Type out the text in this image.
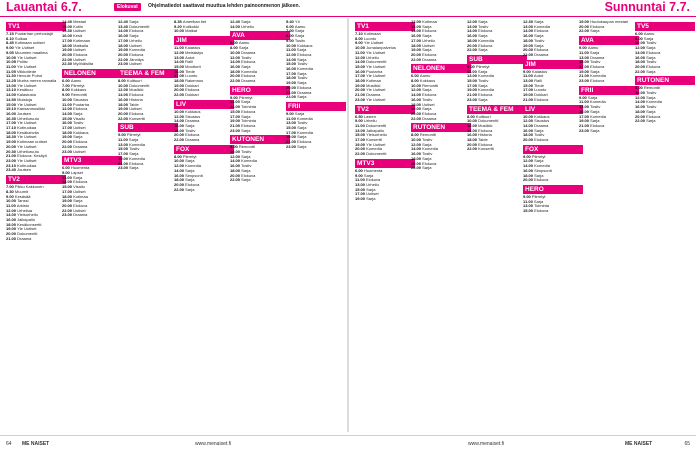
Lauantai 6.7.	Elokuvat	Ohjelmatiedot saattavat muuttua lehden painoonmenon jälkeen.	Sunnuntai 7.7.
TV1
7.15 Puutarhan perhoslajit
8.10 Sulkaa
8.45 Kotimaan uutiset
9.00 Yle Uutiset
9.05 Muumien maailma
10.00 Yle Uutiset
10.05 Poliisi
11.00 Yle Uutiset
11.05 Viikkotiede
11.30 Hercule Poirot
12.25 Murha meren rannalla
13.00 Yle Uutiset
13.10 Kesäkuu
14.00 Kalastusta
14.50 Muistoja
15.00 Yle Uutiset
15.10 Kansanmusiikki
16.00 Joutsen
16.30 Urheiluruutu
17.00 Yle Uutiset
17.10 Kotiruokaa
18.00 Kesäkahvila
18.30 Yle Uutiset
19.00 Kotimaan uutiset
20.00 Yle Uutiset
20.30 Urheiluruutu
21.00 Elokuva: Kesäyö
23.00 Yle Uutiset
23.10 Kotiruokaa
23.40 Joutsen
TV2
7.00 Pikku Kakkonen
8.30 Muumit
9.00 Kesäsää
10.00 Tanssi
11.00 Arkisto
12.00 Urheilua
14.00 Yleisurheilu
16.00 Jalkapallo
18.00 Kesäkonsertti
19.00 Yle Uutiset
20.00 Dokumentti
21.00 Draama
14.40 Mestari
15.00 Kotiin
15.30 Uutiset
16.00 Kesä
17.00 Kotimaan
18.00 Matkalla
19.00 Uutiset
20.00 Elokuva
22.00 Uutiset
22.30 Myöhäisilta
NELONEN
6.00 Aamu
7.00 Piirretyt
8.00 Kokkaus
9.00 Remontti
10.00 Sisustus
11.00 Puutarha
12.00 Elokuva
14.00 Sarja
15.00 Visailu
16.00 Tositv
17.00 Uutiset
18.00 Kokkaus
19.00 Sarja
20.00 Elokuva
22.00 Draama
23.00 Uutiset
MTV3
6.00 Huomenta
9.00 Lapset
11.00 Sarja
13.00 Elokuva
15.00 Visailu
17.00 Uutiset
18.00 Kotimaa
19.00 Sarja
20.00 Elokuva
22.00 Uutiset
23.00 Draama
12.40 Sarja
13.40 Dokumentti
14.00 Elokuva
16.00 Sarja
17.00 Urheilu
18.00 Uutiset
19.00 Komedia
20.00 Elokuva
22.00 Jännitys
23.00 Uutiset
TEEMA & FEM
8.00 Kulttuuri
10.00 Dokumentti
12.00 Musiikki
14.00 Elokuva
16.00 Historia
18.00 Taide
19.00 Uutiset
20.00 Elokuva
22.00 Konsertti
SUB
9.00 Piirretyt
11.00 Sarja
13.00 Komedia
15.00 Tositv
17.00 Sarja
19.00 Komedia
21.00 Elokuva
23.00 Sarja
8.35 Amerikan tiet
9.20 Kotikokki
10.00 Matkat
JIM
11.00 Kalastus
12.00 Metsästys
13.00 Autot
14.00 Ralli
15.00 Moottorit
16.00 Tiede
17.00 Luonto
18.00 Rakennus
19.00 Dokkari
20.00 Elokuva
22.00 Dokkari
LIV
10.00 Kokkaus
12.00 Sisustus
14.00 Draama
16.00 Sarja
18.00 Tositv
20.00 Elokuva
22.00 Draama
FOX
8.00 Piirretyt
10.00 Sarja
12.00 Komedia
14.00 Sarja
16.00 Simpsonit
18.00 Sarja
20.00 Elokuva
22.00 Sarja
12.40 Sarja
14.00 Urheilu
AVA
6.00 Aamu
8.00 Sarja
10.00 Draama
12.00 Tositv
14.00 Elokuva
16.00 Sarja
18.00 Komedia
20.00 Elokuva
22.00 Draama
HERO
9.00 Piirretyt
11.00 Sarja
13.00 Toiminta
15.00 Elokuva
17.00 Sarja
19.00 Toiminta
21.00 Elokuva
23.00 Sarja
KUTONEN
8.00 Remontti
10.00 Tositv
12.00 Sarja
14.00 Komedia
16.00 Tositv
18.00 Sarja
20.00 Elokuva
22.00 Sarja
5.40 Yö
6.00 Aamu
7.00 Sarja
8.00 Sarja
9.00 Tositv
10.00 Kokkaus
11.00 Sarja
12.00 Elokuva
14.00 Sarja
15.00 Tositv
16.00 Komedia
17.00 Sarja
18.00 Tositv
19.00 Sarja
20.00 Elokuva
22.00 Draama
23.00 Sarja
FRII
9.00 Sarja
11.00 Komedia
13.00 Tositv
15.00 Sarja
17.00 Komedia
19.00 Sarja
21.00 Elokuva
23.00 Sarja
TV1
7.10 Kotimaan
8.00 Luonto
9.00 Yle Uutiset
10.00 Jumalanpalvelus
11.00 Yle Uutiset
12.00 Urheilu
14.00 Dokumentti
15.00 Yle Uutiset
16.00 Puutarha
17.00 Yle Uutiset
18.00 Kotimaa
19.00 Musiikki
20.00 Yle Uutiset
21.00 Draama
23.00 Yle Uutiset
TV2
6.50 Lasten
9.00 Urheilu
11.00 Dokumentti
13.00 Jalkapallo
15.00 Yleisurheilu
17.00 Konsertti
19.00 Yle Uutiset
20.00 Komedia
22.00 Dokumentti
MTV3
6.00 Huomenta
9.00 Sarja
11.00 Elokuva
13.00 Urheilu
15.00 Sarja
17.00 Uutiset
19.00 Sarja
12.00 Kotimaa
13.00 Sarja
14.00 Elokuva
16.00 Sarja
17.00 Urheilu
18.00 Uutiset
19.00 Sarja
20.00 Elokuva
22.00 Draama
NELONEN
6.00 Aamu
8.00 Kokkaus
10.00 Remontti
12.00 Sarja
14.00 Elokuva
16.00 Tositv
18.00 Uutiset
19.00 Sarja
20.00 Elokuva
22.00 Draama
RUTONEN
8.00 Remontti
10.00 Tositv
12.00 Sarja
14.00 Komedia
16.00 Tositv
18.00 Sarja
20.00 Elokuva
22.00 Sarja
12.00 Sarja
13.00 Tositv
14.00 Elokuva
16.00 Sarja
18.00 Komedia
20.00 Elokuva
22.00 Sarja
SUB
9.00 Piirretyt
11.00 Sarja
13.00 Komedia
15.00 Tositv
17.00 Sarja
19.00 Komedia
21.00 Elokuva
23.00 Sarja
TEEMA & FEM
8.00 Kulttuuri
10.00 Dokumentti
12.00 Musiikki
14.00 Elokuva
16.00 Historia
18.00 Taide
20.00 Elokuva
22.00 Konsertti
12.30 Sarja
13.00 Komedia
14.00 Elokuva
16.00 Sarja
18.00 Tositv
19.00 Sarja
20.00 Elokuva
22.00 Draama
JIM
9.00 Kalastus
11.00 Autot
13.00 Ralli
15.00 Tiede
17.00 Luonto
19.00 Dokkari
21.00 Elokuva
LIV
10.00 Kokkaus
12.00 Sisustus
14.00 Draama
16.00 Sarja
18.00 Tositv
20.00 Elokuva
FOX
9.00 Piirretyt
12.00 Sarja
14.00 Komedia
16.00 Simpsonit
18.00 Sarja
20.00 Elokuva
HERO
9.00 Piirretyt
11.00 Sarja
13.00 Toiminta
15.00 Elokuva
19.00 Huutokaupan mestari
20.00 Elokuva
22.00 Sarja
AVA
9.00 Aamu
11.00 Sarja
13.00 Draama
15.00 Tositv
17.00 Elokuva
19.00 Sarja
21.00 Komedia
23.00 Elokuva
FRII
9.00 Sarja
11.00 Komedia
13.00 Tositv
15.00 Sarja
17.00 Komedia
19.00 Sarja
21.00 Elokuva
23.00 Sarja
TV5
6.00 Aamu
8.00 Sarja
10.00 Tositv
12.00 Sarja
14.00 Elokuva
16.00 Sarja
18.00 Tositv
20.00 Elokuva
22.00 Sarja
RUTONEN
8.00 Remontti
10.00 Tositv
12.00 Sarja
14.00 Komedia
16.00 Tositv
18.00 Sarja
20.00 Elokuva
22.00 Sarja
64 ME NAISET	www.menaiset.fi	www.menaiset.fi	ME NAISET	65
